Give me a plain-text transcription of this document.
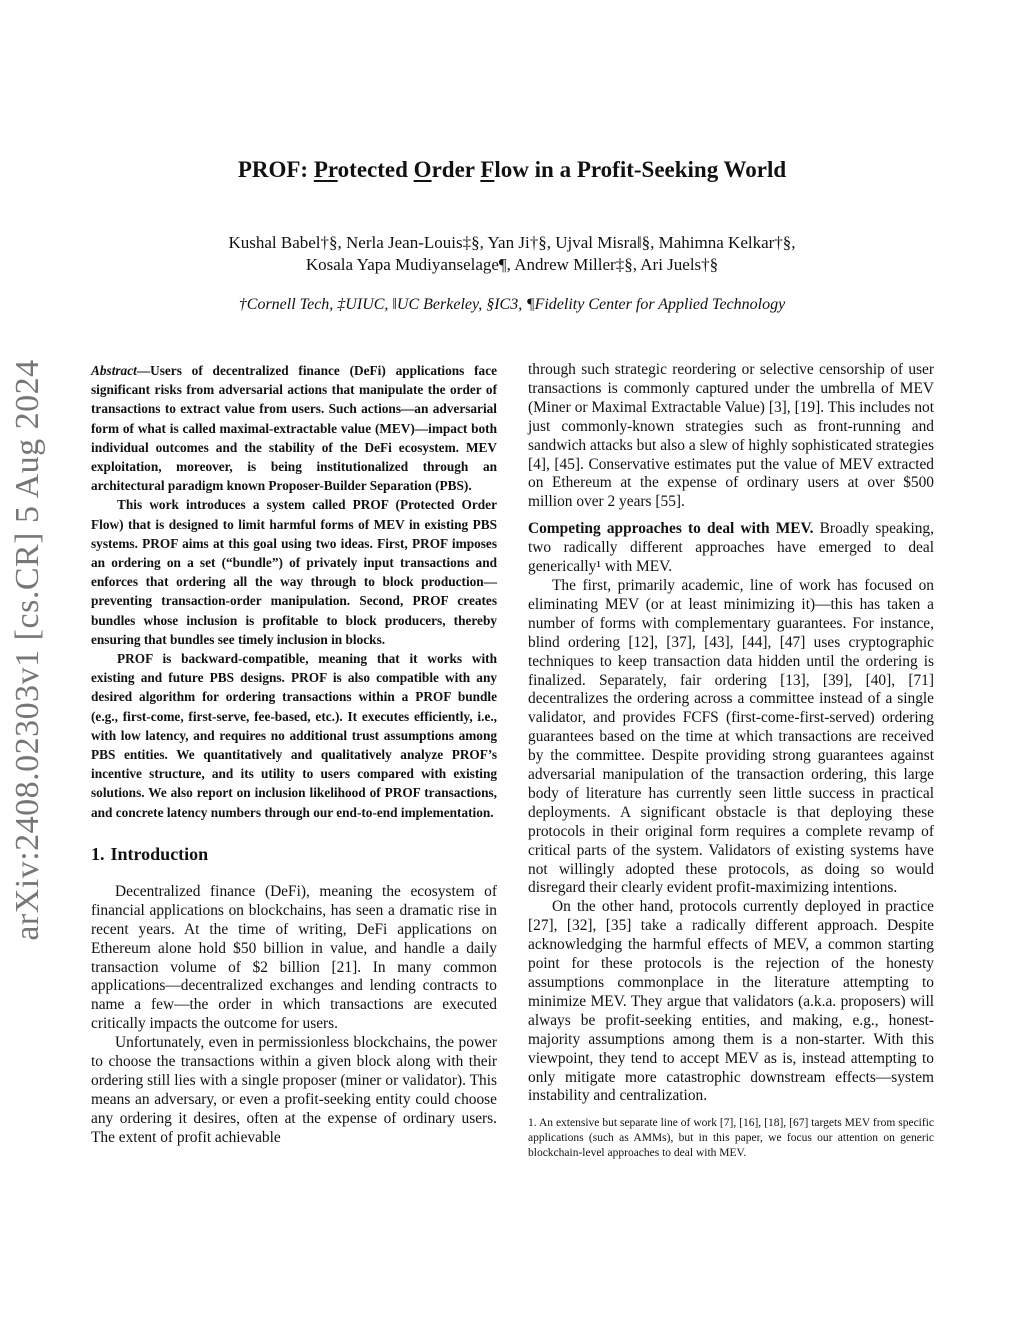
arXiv:2408.02303v1 [cs.CR] 5 Aug 2024
PROF: Protected Order Flow in a Profit-Seeking World
Kushal Babel†§, Nerla Jean-Louis‡§, Yan Ji†§, Ujval Misra‖§, Mahimna Kelkar†§,
Kosala Yapa Mudiyanselage¶, Andrew Miller‡§, Ari Juels†§
†Cornell Tech, ‡UIUC, ‖UC Berkeley, §IC3, ¶Fidelity Center for Applied Technology

Abstract—Users of decentralized finance (DeFi) applications face significant risks from adversarial actions that manipulate the order of transactions to extract value from users. Such actions—an adversarial form of what is called maximal-extractable value (MEV)—impact both individual outcomes and the stability of the DeFi ecosystem. MEV exploitation, moreover, is being institutionalized through an architectural paradigm known Proposer-Builder Separation (PBS).

This work introduces a system called PROF (Protected Order Flow) that is designed to limit harmful forms of MEV in existing PBS systems. PROF aims at this goal using two ideas. First, PROF imposes an ordering on a set (“bundle”) of privately input transactions and enforces that ordering all the way through to block production—preventing transaction-order manipulation. Second, PROF creates bundles whose inclusion is profitable to block producers, thereby ensuring that bundles see timely inclusion in blocks.

PROF is backward-compatible, meaning that it works with existing and future PBS designs. PROF is also compatible with any desired algorithm for ordering transactions within a PROF bundle (e.g., first-come, first-serve, fee-based, etc.). It executes efficiently, i.e., with low latency, and requires no additional trust assumptions among PBS entities. We quantitatively and qualitatively analyze PROF’s incentive structure, and its utility to users compared with existing solutions. We also report on inclusion likelihood of PROF transactions, and concrete latency numbers through our end-to-end implementation.

1. Introduction

Decentralized finance (DeFi), meaning the ecosystem of financial applications on blockchains, has seen a dramatic rise in recent years. At the time of writing, DeFi applications on Ethereum alone hold $50 billion in value, and handle a daily transaction volume of $2 billion [21]. In many common applications—decentralized exchanges and lending contracts to name a few—the order in which transactions are executed critically impacts the outcome for users.

Unfortunately, even in permissionless blockchains, the power to choose the transactions within a given block along with their ordering still lies with a single proposer (miner or validator). This means an adversary, or even a profit-seeking entity could choose any ordering it desires, often at the expense of ordinary users. The extent of profit achievable

through such strategic reordering or selective censorship of user transactions is commonly captured under the umbrella of MEV (Miner or Maximal Extractable Value) [3], [19]. This includes not just commonly-known strategies such as front-running and sandwich attacks but also a slew of highly sophisticated strategies [4], [45]. Conservative estimates put the value of MEV extracted on Ethereum at the expense of ordinary users at over $500 million over 2 years [55].

Competing approaches to deal with MEV. Broadly speaking, two radically different approaches have emerged to deal generically¹ with MEV.

The first, primarily academic, line of work has focused on eliminating MEV (or at least minimizing it)—this has taken a number of forms with complementary guarantees. For instance, blind ordering [12], [37], [43], [44], [47] uses cryptographic techniques to keep transaction data hidden until the ordering is finalized. Separately, fair ordering [13], [39], [40], [71] decentralizes the ordering across a committee instead of a single validator, and provides FCFS (first-come-first-served) ordering guarantees based on the time at which transactions are received by the committee. Despite providing strong guarantees against adversarial manipulation of the transaction ordering, this large body of literature has currently seen little success in practical deployments. A significant obstacle is that deploying these protocols in their original form requires a complete revamp of critical parts of the system. Validators of existing systems have not willingly adopted these protocols, as doing so would disregard their clearly evident profit-maximizing intentions.

On the other hand, protocols currently deployed in practice [27], [32], [35] take a radically different approach. Despite acknowledging the harmful effects of MEV, a common starting point for these protocols is the rejection of the honesty assumptions commonplace in the literature attempting to minimize MEV. They argue that validators (a.k.a. proposers) will always be profit-seeking entities, and making, e.g., honest-majority assumptions among them is a non-starter. With this viewpoint, they tend to accept MEV as is, instead attempting to only mitigate more catastrophic downstream effects—system instability and centralization.

1. An extensive but separate line of work [7], [16], [18], [67] targets MEV from specific applications (such as AMMs), but in this paper, we focus our attention on generic blockchain-level approaches to deal with MEV.
